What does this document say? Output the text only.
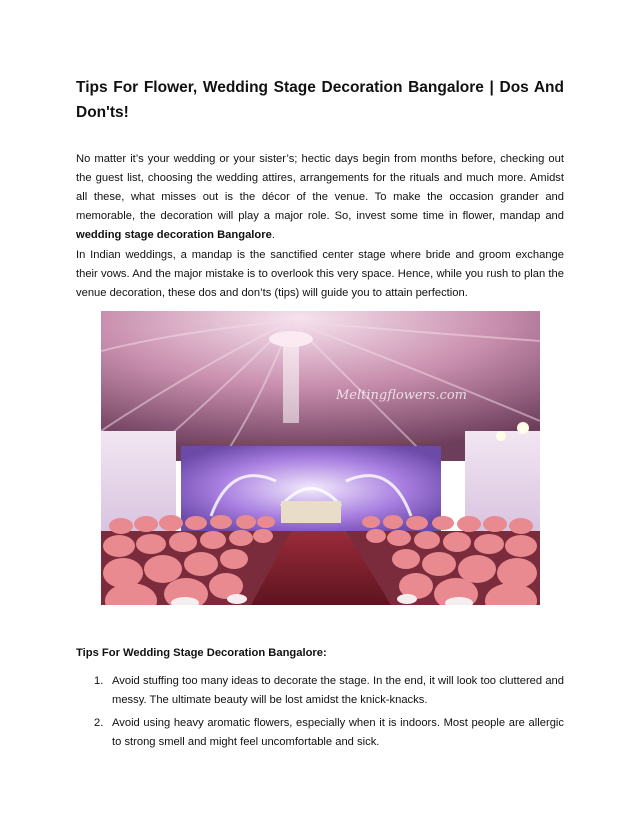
Tips For Flower, Wedding Stage Decoration Bangalore | Dos And Don'ts!

No matter it’s your wedding or your sister’s; hectic days begin from months before, checking out the guest list, choosing the wedding attires, arrangements for the rituals and much more. Amidst all these, what misses out is the décor of the venue. To make the occasion grander and memorable, the decoration will play a major role. So, invest some time in flower, mandap and wedding stage decoration Bangalore.

In Indian weddings, a mandap is the sanctified center stage where bride and groom exchange their vows. And the major mistake is to overlook this very space. Hence, while you rush to plan the venue decoration, these dos and don’ts (tips) will guide you to attain perfection.

Meltingflowers.com

Tips For Wedding Stage Decoration Bangalore:

1. Avoid stuffing too many ideas to decorate the stage. In the end, it will look too cluttered and messy. The ultimate beauty will be lost amidst the knick-knacks.
2. Avoid using heavy aromatic flowers, especially when it is indoors. Most people are allergic to strong smell and might feel uncomfortable and sick.
